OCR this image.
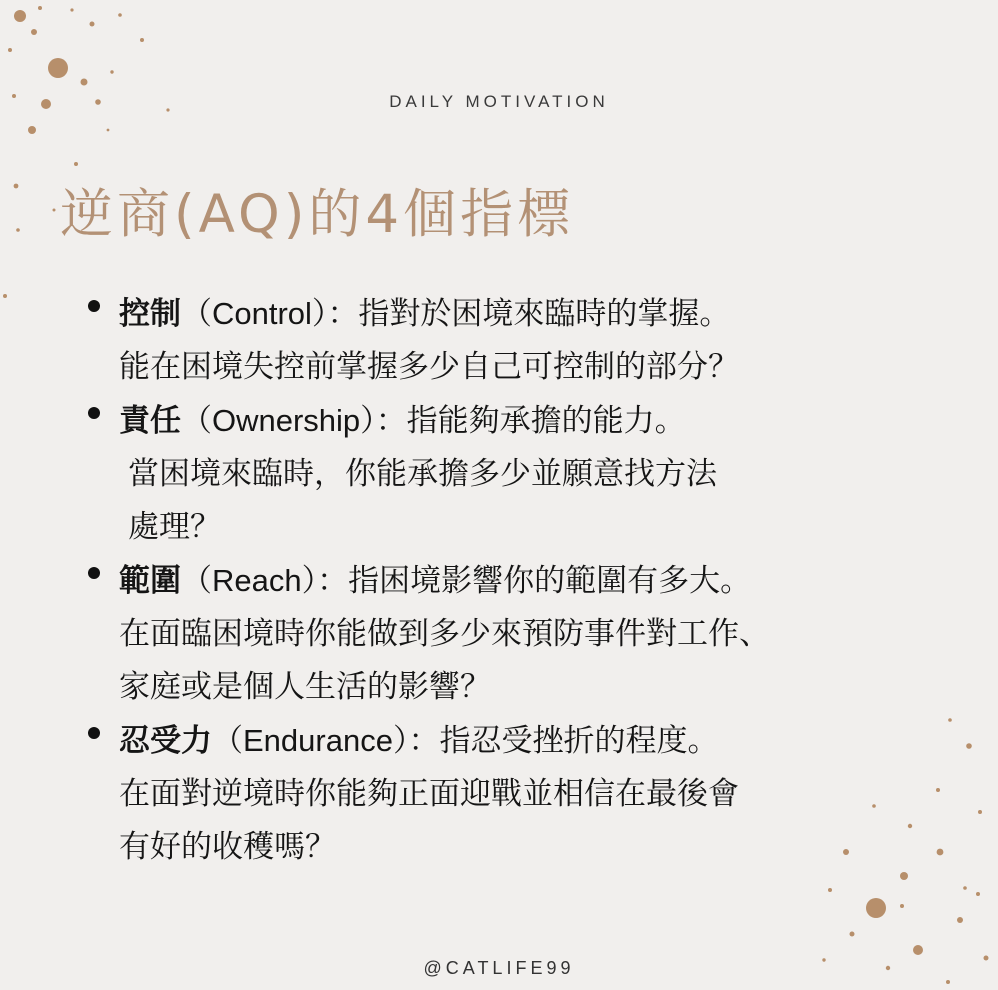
DAILY MOTIVATION
逆商(AQ)的4個指標
控制（Control）：指對於困境來臨時的掌握。
能在困境失控前掌握多少自己可控制的部分？
責任（Ownership）：指能夠承擔的能力。
當困境來臨時，你能承擔多少並願意找方法
處理？
範圍（Reach）：指困境影響你的範圍有多大。
在面臨困境時你能做到多少來預防事件對工作、
家庭或是個人生活的影響？
忍受力（Endurance）：指忍受挫折的程度。
在面對逆境時你能夠正面迎戰並相信在最後會
有好的收穫嗎？
@CATLIFE99
